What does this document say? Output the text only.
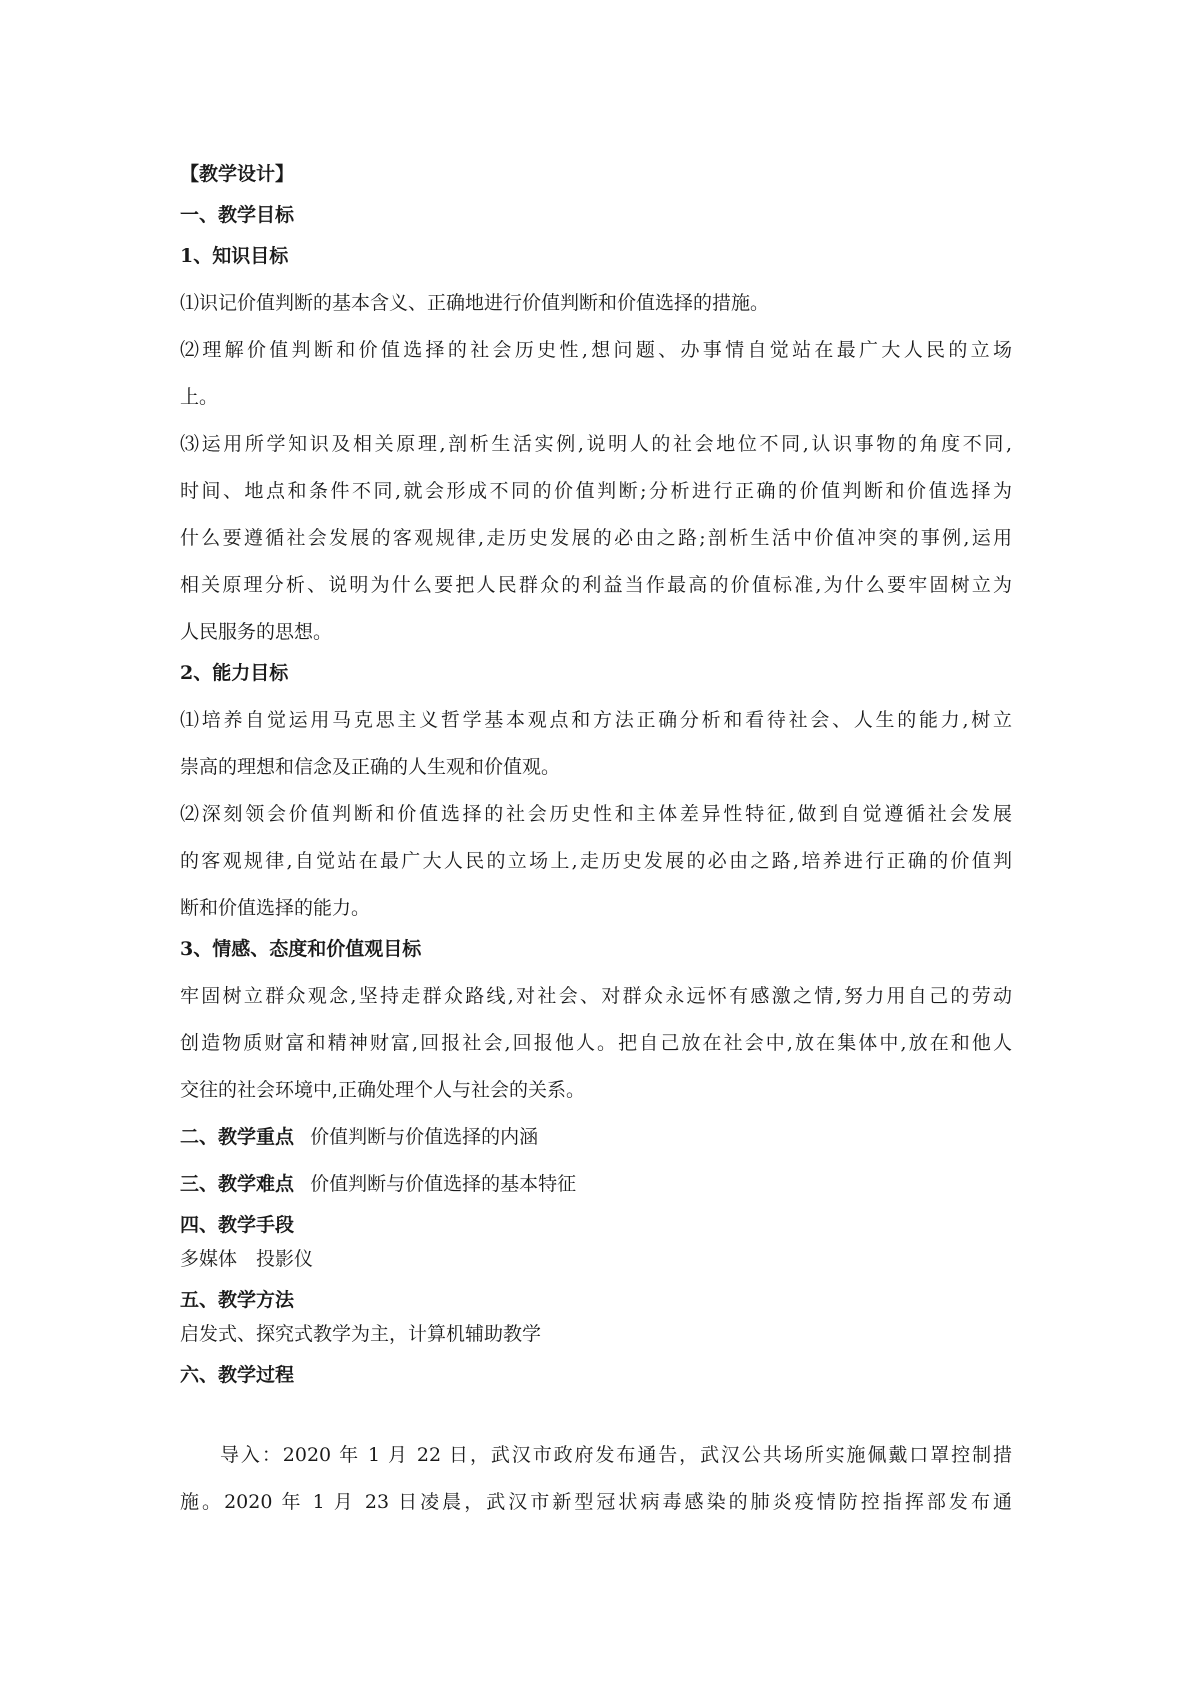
【教学设计】
一、教学目标
1、知识目标
⑴识记价值判断的基本含义、正确地进行价值判断和价值选择的措施。
⑵理解价值判断和价值选择的社会历史性,想问题、办事情自觉站在最广大人民的立场
上。
⑶运用所学知识及相关原理,剖析生活实例,说明人的社会地位不同,认识事物的角度不同,
时间、地点和条件不同,就会形成不同的价值判断;分析进行正确的价值判断和价值选择为
什么要遵循社会发展的客观规律,走历史发展的必由之路;剖析生活中价值冲突的事例,运用
相关原理分析、说明为什么要把人民群众的利益当作最高的价值标准,为什么要牢固树立为
人民服务的思想。
2、能力目标
⑴培养自觉运用马克思主义哲学基本观点和方法正确分析和看待社会、人生的能力,树立
崇高的理想和信念及正确的人生观和价值观。
⑵深刻领会价值判断和价值选择的社会历史性和主体差异性特征,做到自觉遵循社会发展
的客观规律,自觉站在最广大人民的立场上,走历史发展的必由之路,培养进行正确的价值判
断和价值选择的能力。
3、情感、态度和价值观目标
牢固树立群众观念,坚持走群众路线,对社会、对群众永远怀有感激之情,努力用自己的劳动
创造物质财富和精神财富,回报社会,回报他人。把自己放在社会中,放在集体中,放在和他人
交往的社会环境中,正确处理个人与社会的关系。
二、教学重点 价值判断与价值选择的内涵
三、教学难点 价值判断与价值选择的基本特征
四、教学手段
多媒体　投影仪
五、教学方法
启发式、探究式教学为主，计算机辅助教学
六、教学过程
导入：2020 年 1 月 22 日，武汉市政府发布通告，武汉公共场所实施佩戴口罩控制措
施。2020 年 1 月 23 日凌晨，武汉市新型冠状病毒感染的肺炎疫情防控指挥部发布通
